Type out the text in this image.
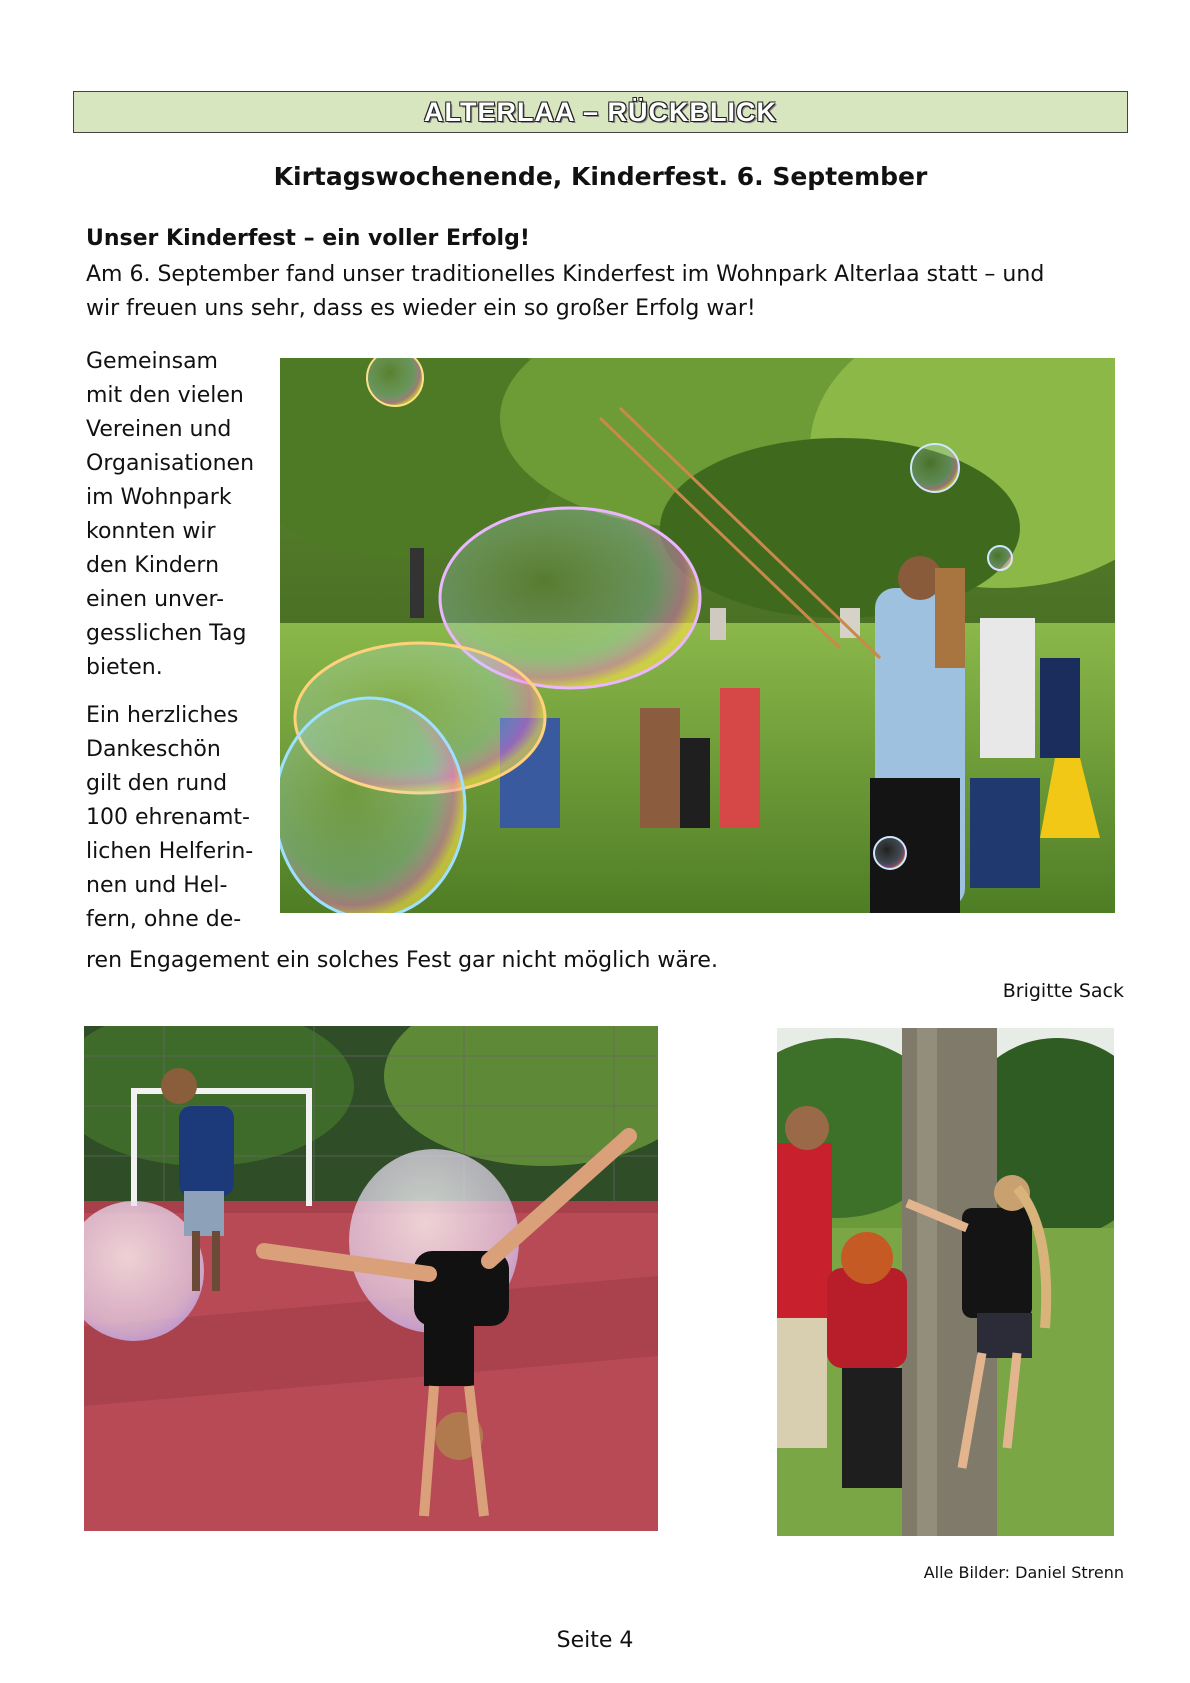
ALTERLAA – RÜCKBLICK
Kirtagswochenende, Kinderfest. 6. September

Unser Kinderfest – ein voller Erfolg!

Am 6. September fand unser traditionelles Kinderfest im Wohnpark Alterlaa statt – und
wir freuen uns sehr, dass es wieder ein so großer Erfolg war!

Gemeinsam
mit den vielen
Vereinen und
Organisationen
im Wohnpark
konnten wir
den Kindern
einen unver-
gesslichen Tag
bieten.

Ein herzliches
Dankeschön
gilt den rund
100 ehrenamt-
lichen Helferin-
nen und Hel-
fern, ohne de-

ren Engagement ein solches Fest gar nicht möglich wäre.

Brigitte Sack

Alle Bilder: Daniel Strenn

Seite 4
